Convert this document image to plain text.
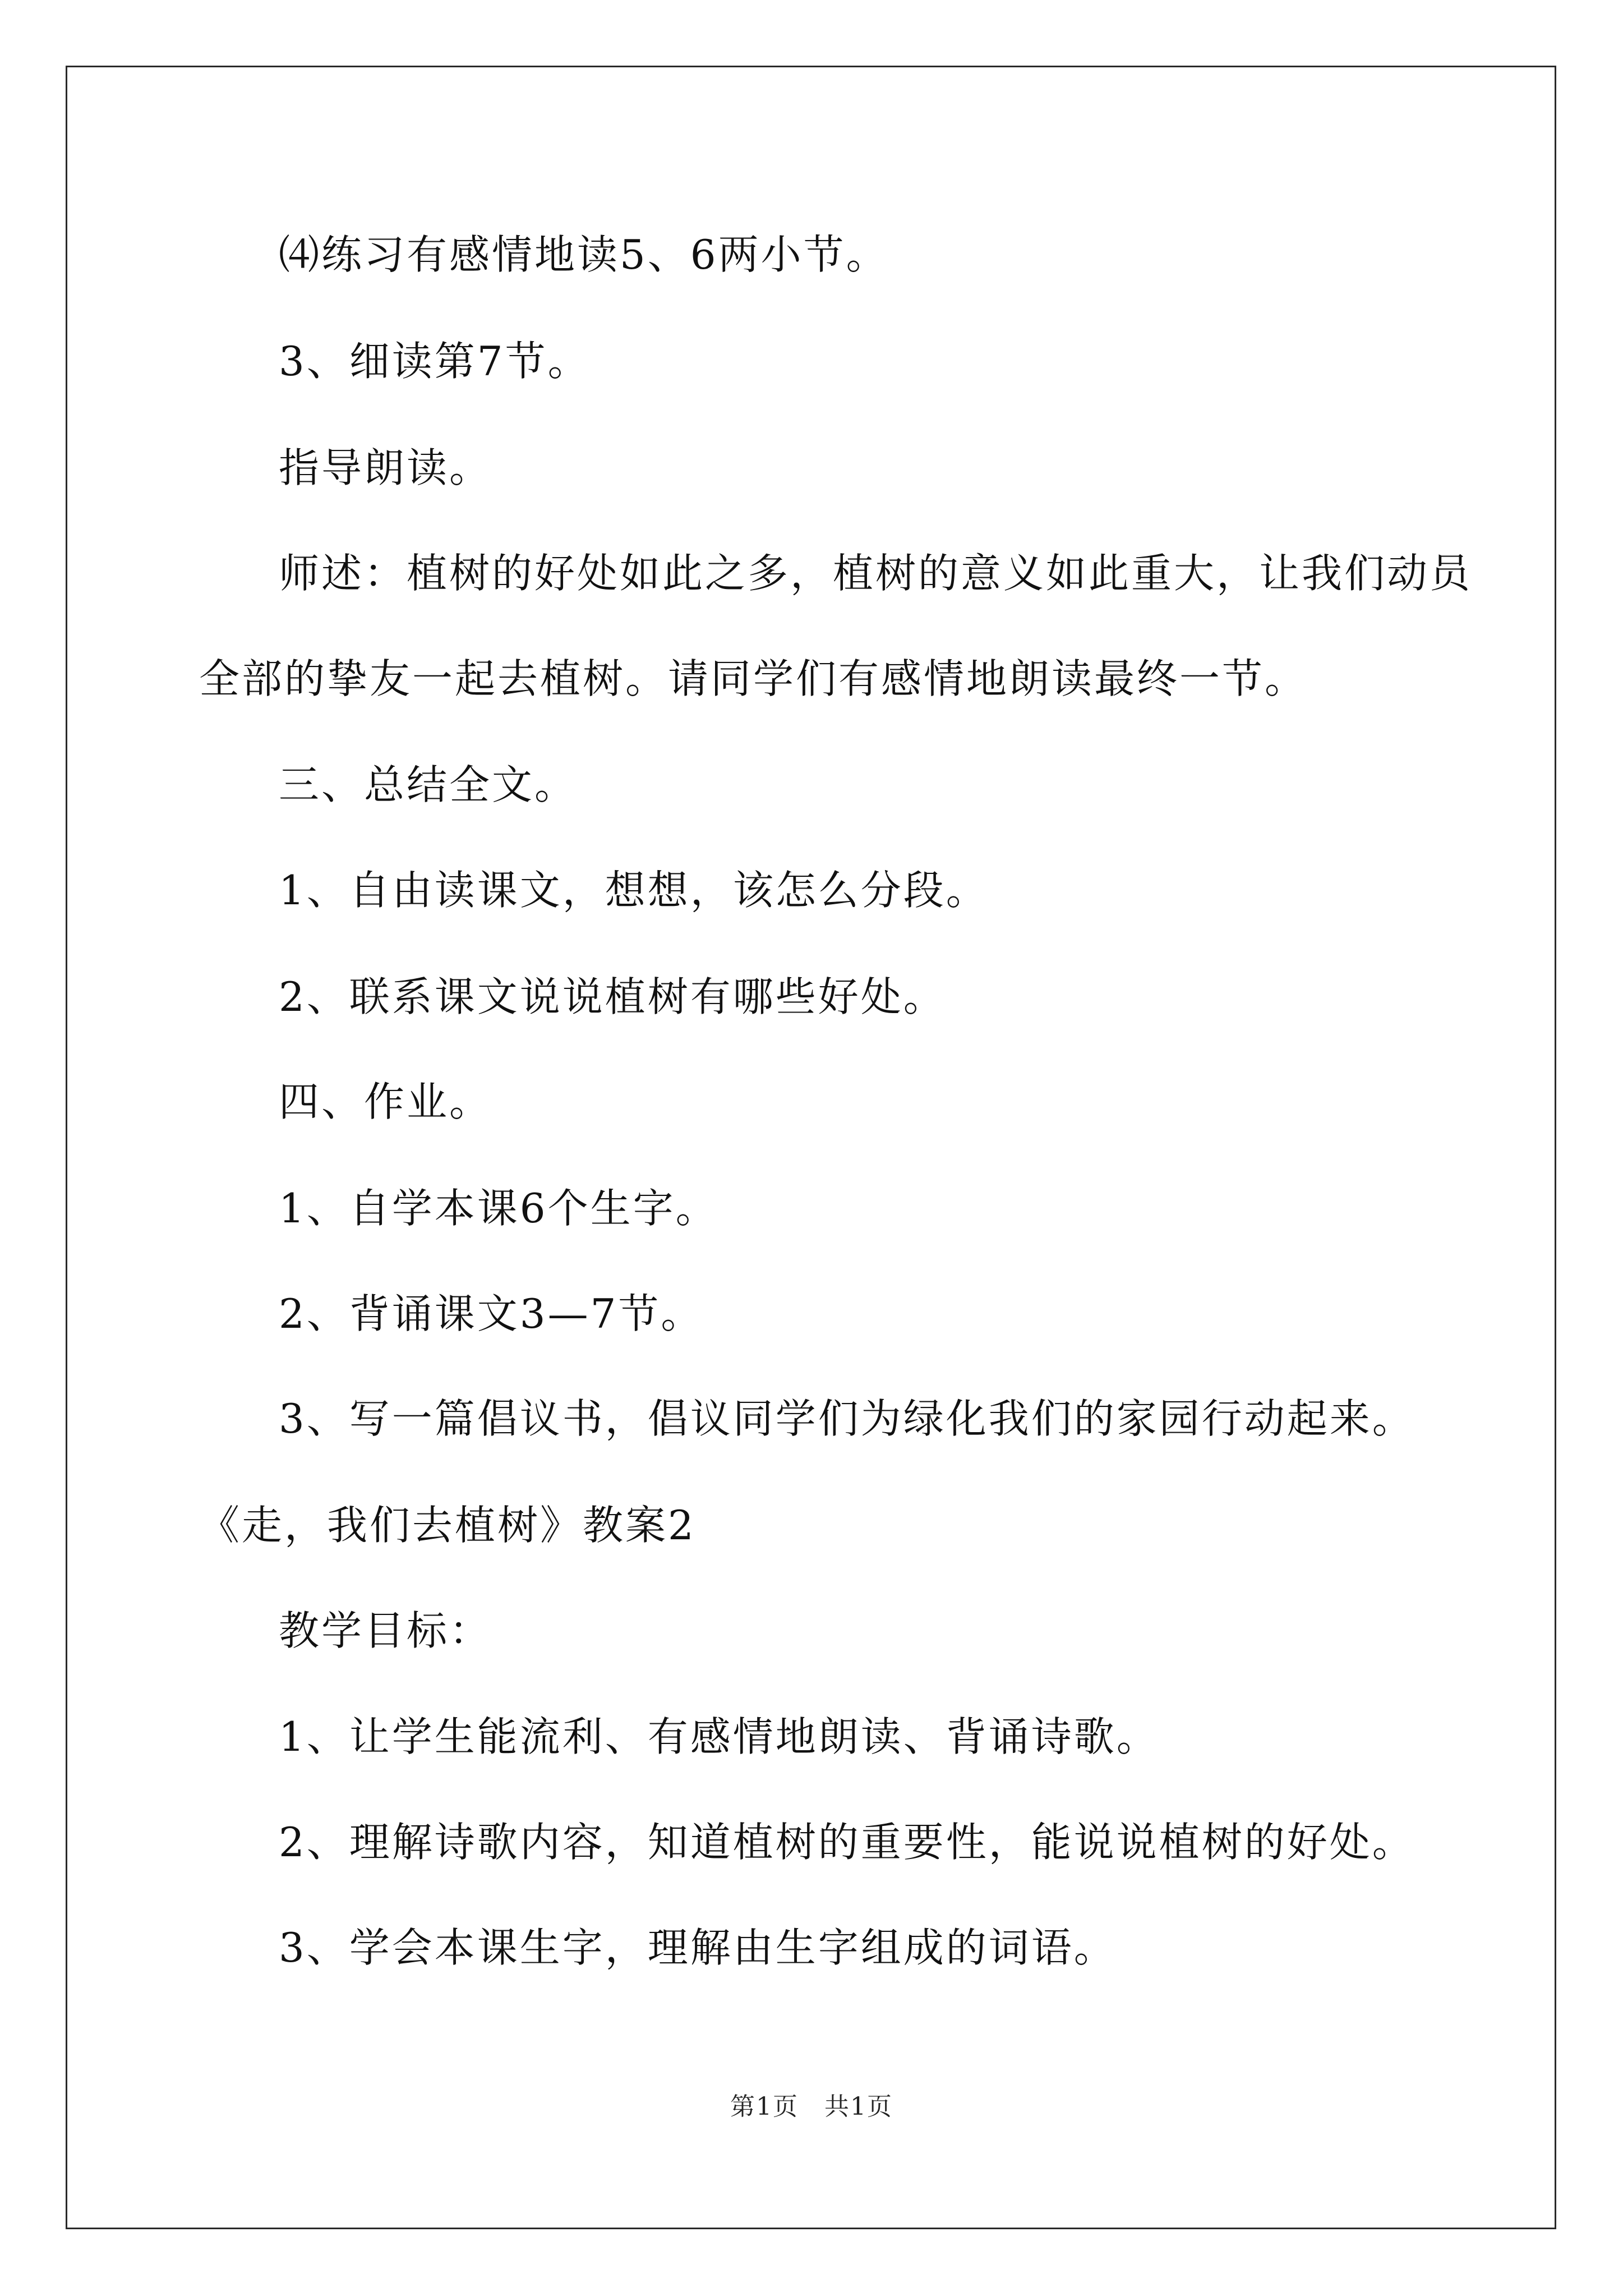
⑷练习有感情地读5、6两小节。
3、细读第7节。
指导朗读。
师述：植树的好处如此之多，植树的意义如此重大，让我们动员
全部的挚友一起去植树。请同学们有感情地朗读最终一节。
三、总结全文。
1、自由读课文，想想，该怎么分段。
2、联系课文说说植树有哪些好处。
四、作业。
1、自学本课6个生字。
2、背诵课文3—7节。
3、写一篇倡议书，倡议同学们为绿化我们的家园行动起来。
《走，我们去植树》教案2
教学目标：
1、让学生能流利、有感情地朗读、背诵诗歌。
2、理解诗歌内容，知道植树的重要性，能说说植树的好处。
3、学会本课生字，理解由生字组成的词语。
第1页　共1页
